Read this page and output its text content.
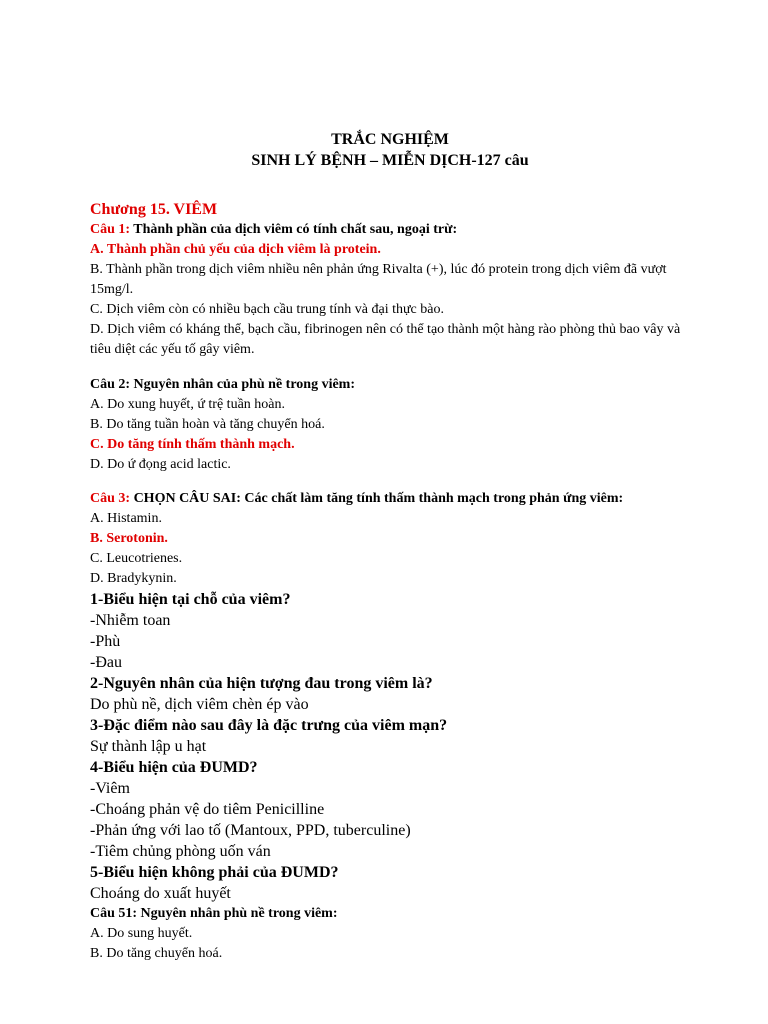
TRẮC NGHIỆM
SINH LÝ BỆNH – MIỄN DỊCH-127 câu
Chương 15. VIÊM
Câu 1: Thành phần của dịch viêm có tính chất sau, ngoại trừ:
A. Thành phần chủ yếu của dịch viêm là protein.
B. Thành phần trong dịch viêm nhiều nên phản ứng Rivalta (+), lúc đó protein trong dịch viêm đã vượt 15mg/l.
C. Dịch viêm còn có nhiều bạch cầu trung tính và đại thực bào.
D. Dịch viêm có kháng thể, bạch cầu, fibrinogen nên có thể tạo thành một hàng rào phòng thủ bao vây và tiêu diệt các yếu tố gây viêm.
Câu 2: Nguyên nhân của phù nề trong viêm:
A. Do xung huyết, ứ trệ tuần hoàn.
B. Do tăng tuần hoàn và tăng chuyển hoá.
C. Do tăng tính thấm thành mạch.
D. Do ứ đọng acid lactic.
Câu 3: CHỌN CÂU SAI: Các chất làm tăng tính thấm thành mạch trong phản ứng viêm:
A. Histamin.
B. Serotonin.
C. Leucotrienes.
D. Bradykynin.
1-Biểu hiện tại chỗ của viêm?
-Nhiễm toan
-Phù
-Đau
2-Nguyên nhân của hiện tượng đau trong viêm là?
Do phù nề, dịch viêm chèn ép vào
3-Đặc điểm nào sau đây là đặc trưng của viêm mạn?
Sự thành lập u hạt
4-Biểu hiện của ĐUMD?
-Viêm
-Choáng phản vệ do tiêm Penicilline
-Phản ứng với lao tố (Mantoux, PPD, tuberculine)
-Tiêm chủng phòng uốn ván
5-Biểu hiện không phải của ĐUMD?
Choáng do xuất huyết
Câu 51: Nguyên nhân phù nề trong viêm:
A. Do sung huyết.
B. Do tăng chuyển hoá.
